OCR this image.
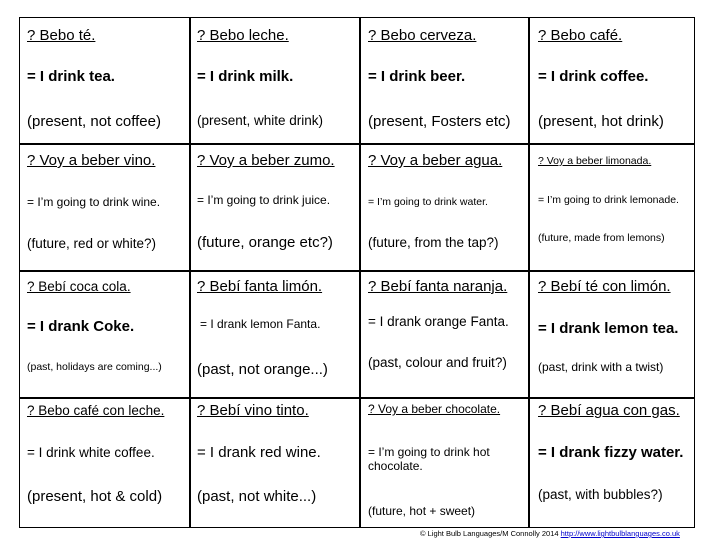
? Bebo té.
= I drink tea.
(present, not coffee)
? Bebo leche.
= I drink milk.
(present, white drink)
? Bebo cerveza.
= I drink beer.
(present, Fosters etc)
? Bebo café.
= I drink coffee.
(present, hot drink)
? Voy a beber vino.
= I’m going to drink wine.
(future, red or white?)
? Voy a beber zumo.
= I’m going to drink juice.
(future, orange etc?)
? Voy a beber agua.
= I’m going to drink water.
(future, from the tap?)
? Voy a beber limonada.
= I’m going to drink lemonade.
(future, made from lemons)
? Bebí coca cola.
= I drank Coke.
(past, holidays are coming...)
? Bebí fanta limón.
= I drank lemon Fanta.
(past, not orange...)
? Bebí fanta naranja.
= I drank orange Fanta.
(past, colour and fruit?)
? Bebí té con limón.
= I drank lemon tea.
(past, drink with a twist)
? Bebo café con leche.
= I drink white coffee.
(present, hot & cold)
? Bebí vino tinto.
= I drank red wine.
(past, not white...)
? Voy a beber chocolate.
= I’m going to drink hot chocolate.
(future, hot + sweet)
? Bebí agua con gas.
= I drank fizzy water.
(past, with bubbles?)
© Light Bulb Languages/M Connolly 2014 http://www.lightbulblanguages.co.uk
